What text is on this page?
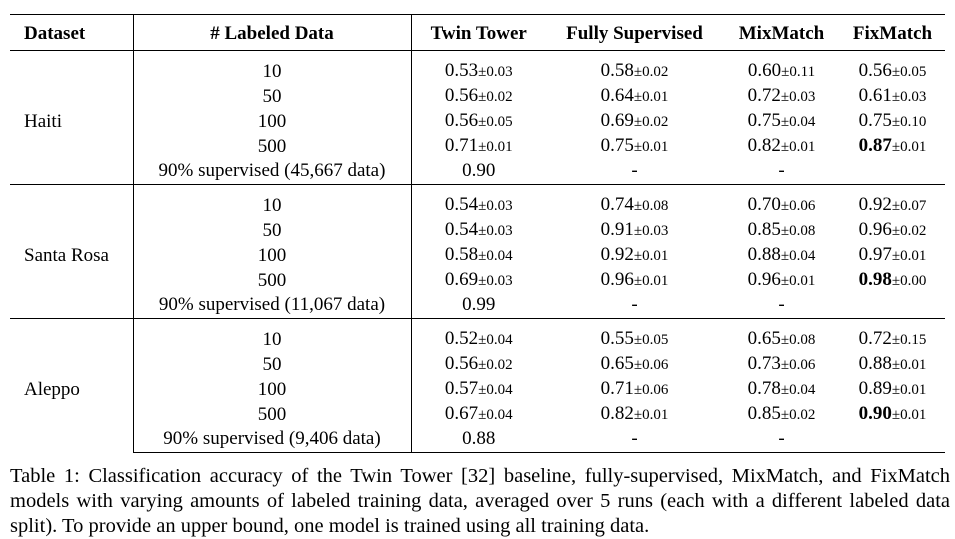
Dataset	# Labeled Data	Twin Tower	Fully Supervised	MixMatch	FixMatch
Haiti	10	0.53±0.03	0.58±0.02	0.60±0.11	0.56±0.05
	50	0.56±0.02	0.64±0.01	0.72±0.03	0.61±0.03
	100	0.56±0.05	0.69±0.02	0.75±0.04	0.75±0.10
	500	0.71±0.01	0.75±0.01	0.82±0.01	0.87±0.01
	90% supervised (45,667 data)	0.90	-	-	
Santa Rosa	10	0.54±0.03	0.74±0.08	0.70±0.06	0.92±0.07
	50	0.54±0.03	0.91±0.03	0.85±0.08	0.96±0.02
	100	0.58±0.04	0.92±0.01	0.88±0.04	0.97±0.01
	500	0.69±0.03	0.96±0.01	0.96±0.01	0.98±0.00
	90% supervised (11,067 data)	0.99	-	-	
Aleppo	10	0.52±0.04	0.55±0.05	0.65±0.08	0.72±0.15
	50	0.56±0.02	0.65±0.06	0.73±0.06	0.88±0.01
	100	0.57±0.04	0.71±0.06	0.78±0.04	0.89±0.01
	500	0.67±0.04	0.82±0.01	0.85±0.02	0.90±0.01
	90% supervised (9,406 data)	0.88	-	-	

Table 1: Classification accuracy of the Twin Tower [32] baseline, fully-supervised, MixMatch, and FixMatch models with varying amounts of labeled training data, averaged over 5 runs (each with a different labeled data split). To provide an upper bound, one model is trained using all training data.
